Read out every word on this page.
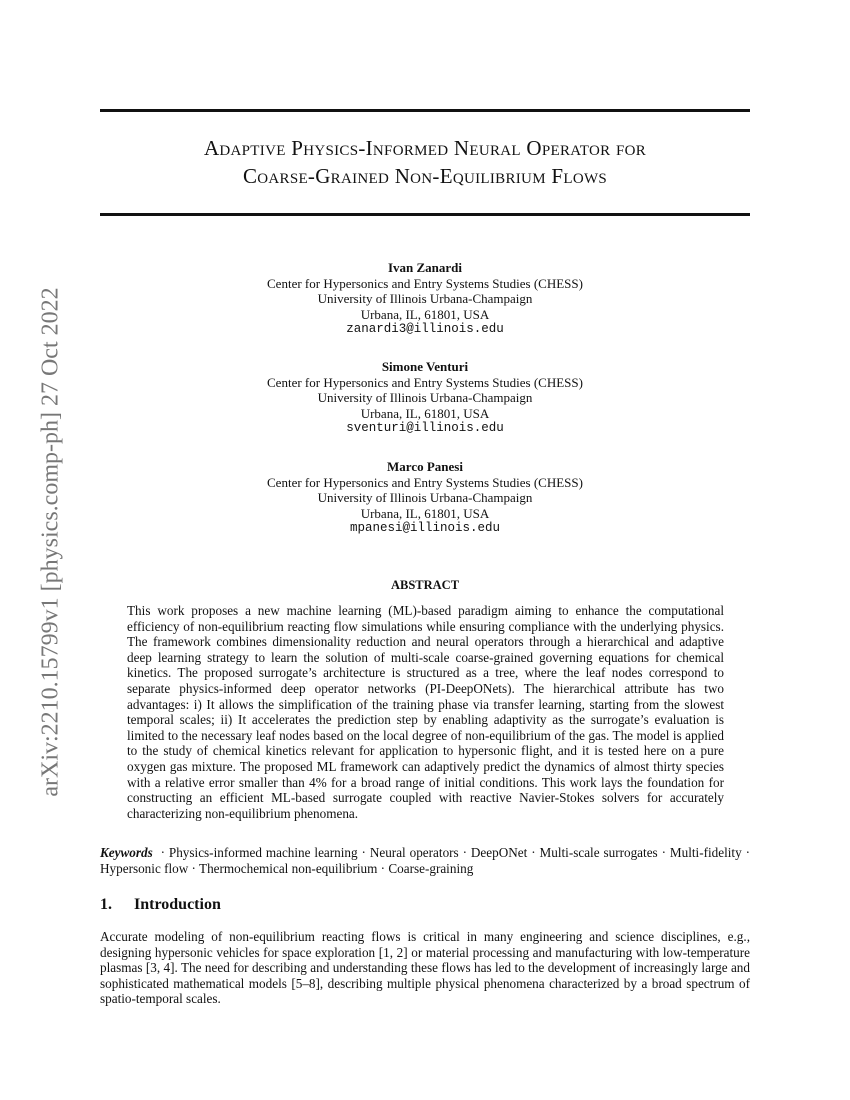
Adaptive Physics-Informed Neural Operator for
Coarse-Grained Non-Equilibrium Flows
arXiv:2210.15799v1 [physics.comp-ph] 27 Oct 2022
Ivan Zanardi
Center for Hypersonics and Entry Systems Studies (CHESS)
University of Illinois Urbana-Champaign
Urbana, IL, 61801, USA
zanardi3@illinois.edu
Simone Venturi
Center for Hypersonics and Entry Systems Studies (CHESS)
University of Illinois Urbana-Champaign
Urbana, IL, 61801, USA
sventuri@illinois.edu
Marco Panesi
Center for Hypersonics and Entry Systems Studies (CHESS)
University of Illinois Urbana-Champaign
Urbana, IL, 61801, USA
mpanesi@illinois.edu
ABSTRACT
This work proposes a new machine learning (ML)-based paradigm aiming to enhance the computational efficiency of non-equilibrium reacting flow simulations while ensuring compliance with the underlying physics. The framework combines dimensionality reduction and neural operators through a hierarchical and adaptive deep learning strategy to learn the solution of multi-scale coarse-grained governing equations for chemical kinetics. The proposed surrogate’s architecture is structured as a tree, where the leaf nodes correspond to separate physics-informed deep operator networks (PI-DeepONets). The hierarchical attribute has two advantages: i) It allows the simplification of the training phase via transfer learning, starting from the slowest temporal scales; ii) It accelerates the prediction step by enabling adaptivity as the surrogate’s evaluation is limited to the necessary leaf nodes based on the local degree of non-equilibrium of the gas. The model is applied to the study of chemical kinetics relevant for application to hypersonic flight, and it is tested here on a pure oxygen gas mixture. The proposed ML framework can adaptively predict the dynamics of almost thirty species with a relative error smaller than 4% for a broad range of initial conditions. This work lays the foundation for constructing an efficient ML-based surrogate coupled with reactive Navier-Stokes solvers for accurately characterizing non-equilibrium phenomena.
Keywords · Physics-informed machine learning · Neural operators · DeepONet · Multi-scale surrogates · Multi-fidelity · Hypersonic flow · Thermochemical non-equilibrium · Coarse-graining
1. Introduction
Accurate modeling of non-equilibrium reacting flows is critical in many engineering and science disciplines, e.g., designing hypersonic vehicles for space exploration [1, 2] or material processing and manufacturing with low-temperature plasmas [3, 4]. The need for describing and understanding these flows has led to the development of increasingly large and sophisticated mathematical models [5–8], describing multiple physical phenomena characterized by a broad spectrum of spatio-temporal scales.
